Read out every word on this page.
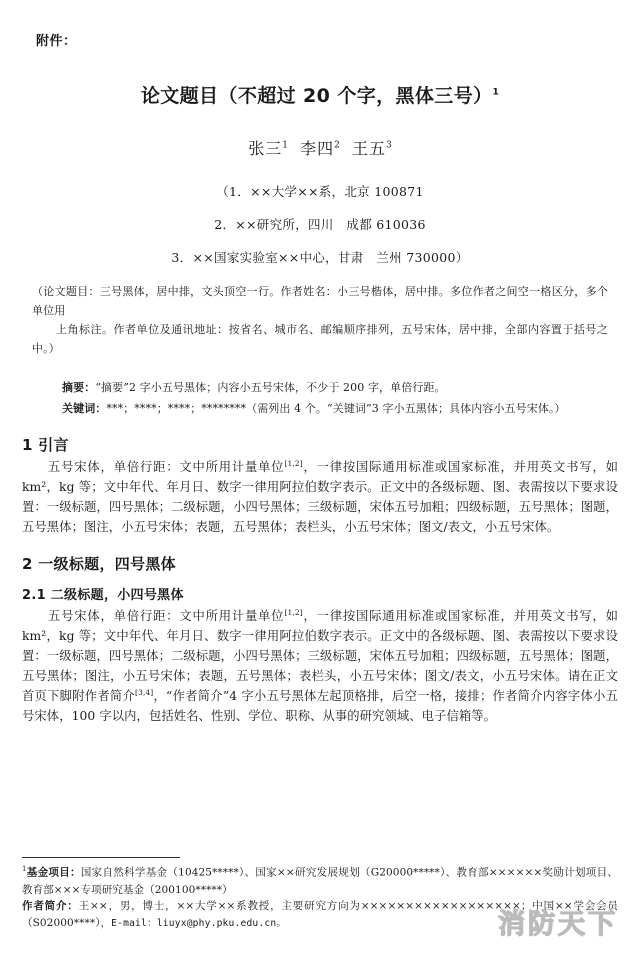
附件：
论文题目（不超过 20 个字，黑体三号）$^1$
张三$^1$ 李四$^2$ 王五$^3$
（1．××大学××系，北京 100871
2．××研究所，四川　成都 610036
3．××国家实验室××中心，甘肃　兰州 730000）
（论文题目：三号黑体，居中排，文头顶空一行。作者姓名：小三号楷体，居中排。多位作者之间空一格区分，多个单位用
上角标注。作者单位及通讯地址：按省名、城市名、邮编顺序排列，五号宋体，居中排，全部内容置于括号之中。）
摘要：“摘要”2 字小五号黑体；内容小五号宋体，不少于 200 字，单倍行距。
关键词：***；****；****；********（需列出 4 个。“关键词”3 字小五黑体；具体内容小五号宋体。）
1 引言

五号宋体，单倍行距：文中所用计量单位[1,2]，一律按国际通用标准或国家标准，并用英文书写，如 km²，kg 等；文中年代、年月日、数字一律用阿拉伯数字表示。正文中的各级标题、图、表需按以下要求设置：一级标题，四号黑体；二级标题，小四号黑体；三级标题，宋体五号加粗；四级标题，五号黑体；图题，五号黑体；图注，小五号宋体；表题，五号黑体；表栏头，小五号宋体；图文/表文，小五号宋体。

2 一级标题，四号黑体
2.1 二级标题，小四号黑体

五号宋体，单倍行距：文中所用计量单位[1,2]，一律按国际通用标准或国家标准，并用英文书写，如 km²，kg 等；文中年代、年月日、数字一律用阿拉伯数字表示。正文中的各级标题、图、表需按以下要求设置：一级标题，四号黑体；二级标题，小四号黑体；三级标题，宋体五号加粗；四级标题，五号黑体；图题，五号黑体；图注，小五号宋体；表题，五号黑体；表栏头，小五号宋体；图文/表文，小五号宋体。请在正文首页下脚附作者简介[3,4]，“作者简介”4 字小五号黑体左起顶格排，后空一格，接排；作者简介内容字体小五号宋体，100 字以内，包括姓名、性别、学位、职称、从事的研究领域、电子信箱等。

$^1$基金项目：国家自然科学基金（10425*****）、国家××研究发展规划（G20000*****）、教育部××××××奖励计划项目、教育部×××专项研究基金（200100*****）

作者简介：王××，男，博士，××大学××系教授，主要研究方向为××××××××××××××××××；中国××学会会员（S02000****），E-mail：liuyx@phy.pku.edu.cn。	消防天下
